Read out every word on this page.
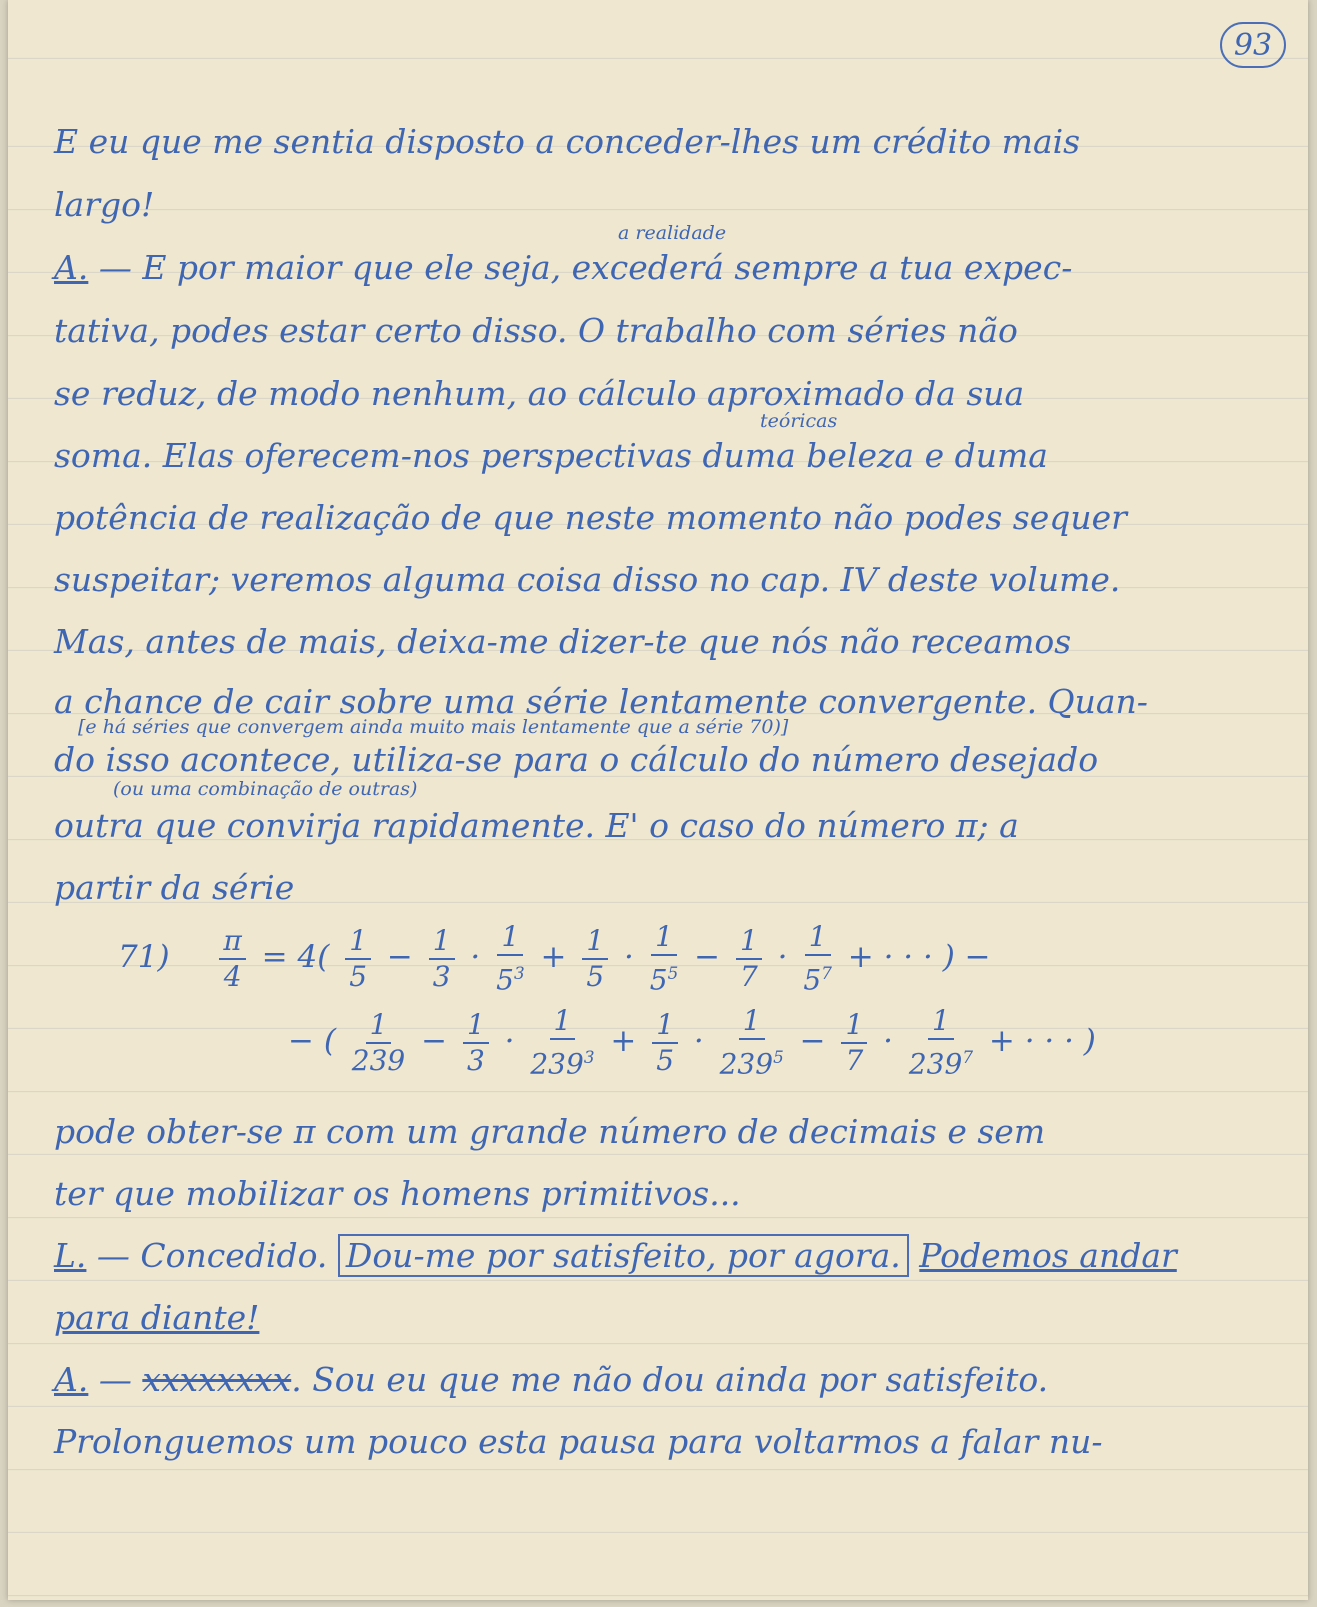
93
E eu que me sentia disposto a conceder-lhes um crédito mais
largo!
a realidade
A. — E por maior que ele seja, excederá sempre a tua expec-
tativa, podes estar certo disso. O trabalho com séries não
se reduz, de modo nenhum, ao cálculo aproximado da sua
teóricas
soma. Elas oferecem-nos perspectivas duma beleza e duma
potência de realização de que neste momento não podes sequer
suspeitar; veremos alguma coisa disso no cap. IV deste volume.
Mas, antes de mais, deixa-me dizer-te que nós não receamos
a chance de cair sobre uma série lentamente convergente. Quan-
[e há séries que convergem ainda muito mais lentamente que a série 70)]
do isso acontece, utiliza-se para o cálculo do número desejado
(ou uma combinação de outras)
outra que convirja rapidamente. E' o caso do número π; a
partir da série
$71) \frac{\pi}{4} = 4( \frac{1}{5} - \frac{1}{3} \cdot \frac{1}{5^3} + \frac{1}{5} \cdot \frac{1}{5^5} - \frac{1}{7} \cdot \frac{1}{5^7}$ + · · · ) −
− ( $\frac{1}{239} - \frac{1}{3} \cdot \frac{1}{239^3} + \frac{1}{5} \cdot \frac{1}{239^5} - \frac{1}{7} \cdot \frac{1}{239^7}$ + · · · )
pode obter-se π com um grande número de decimais e sem
ter que mobilizar os homens primitivos...
L. — Concedido. Dou-me por satisfeito, por agora. Podemos andar
para diante!
A. — xxxxxxxx. Sou eu que me não dou ainda por satisfeito.
Prolonguemos um pouco esta pausa para voltarmos a falar nu-
